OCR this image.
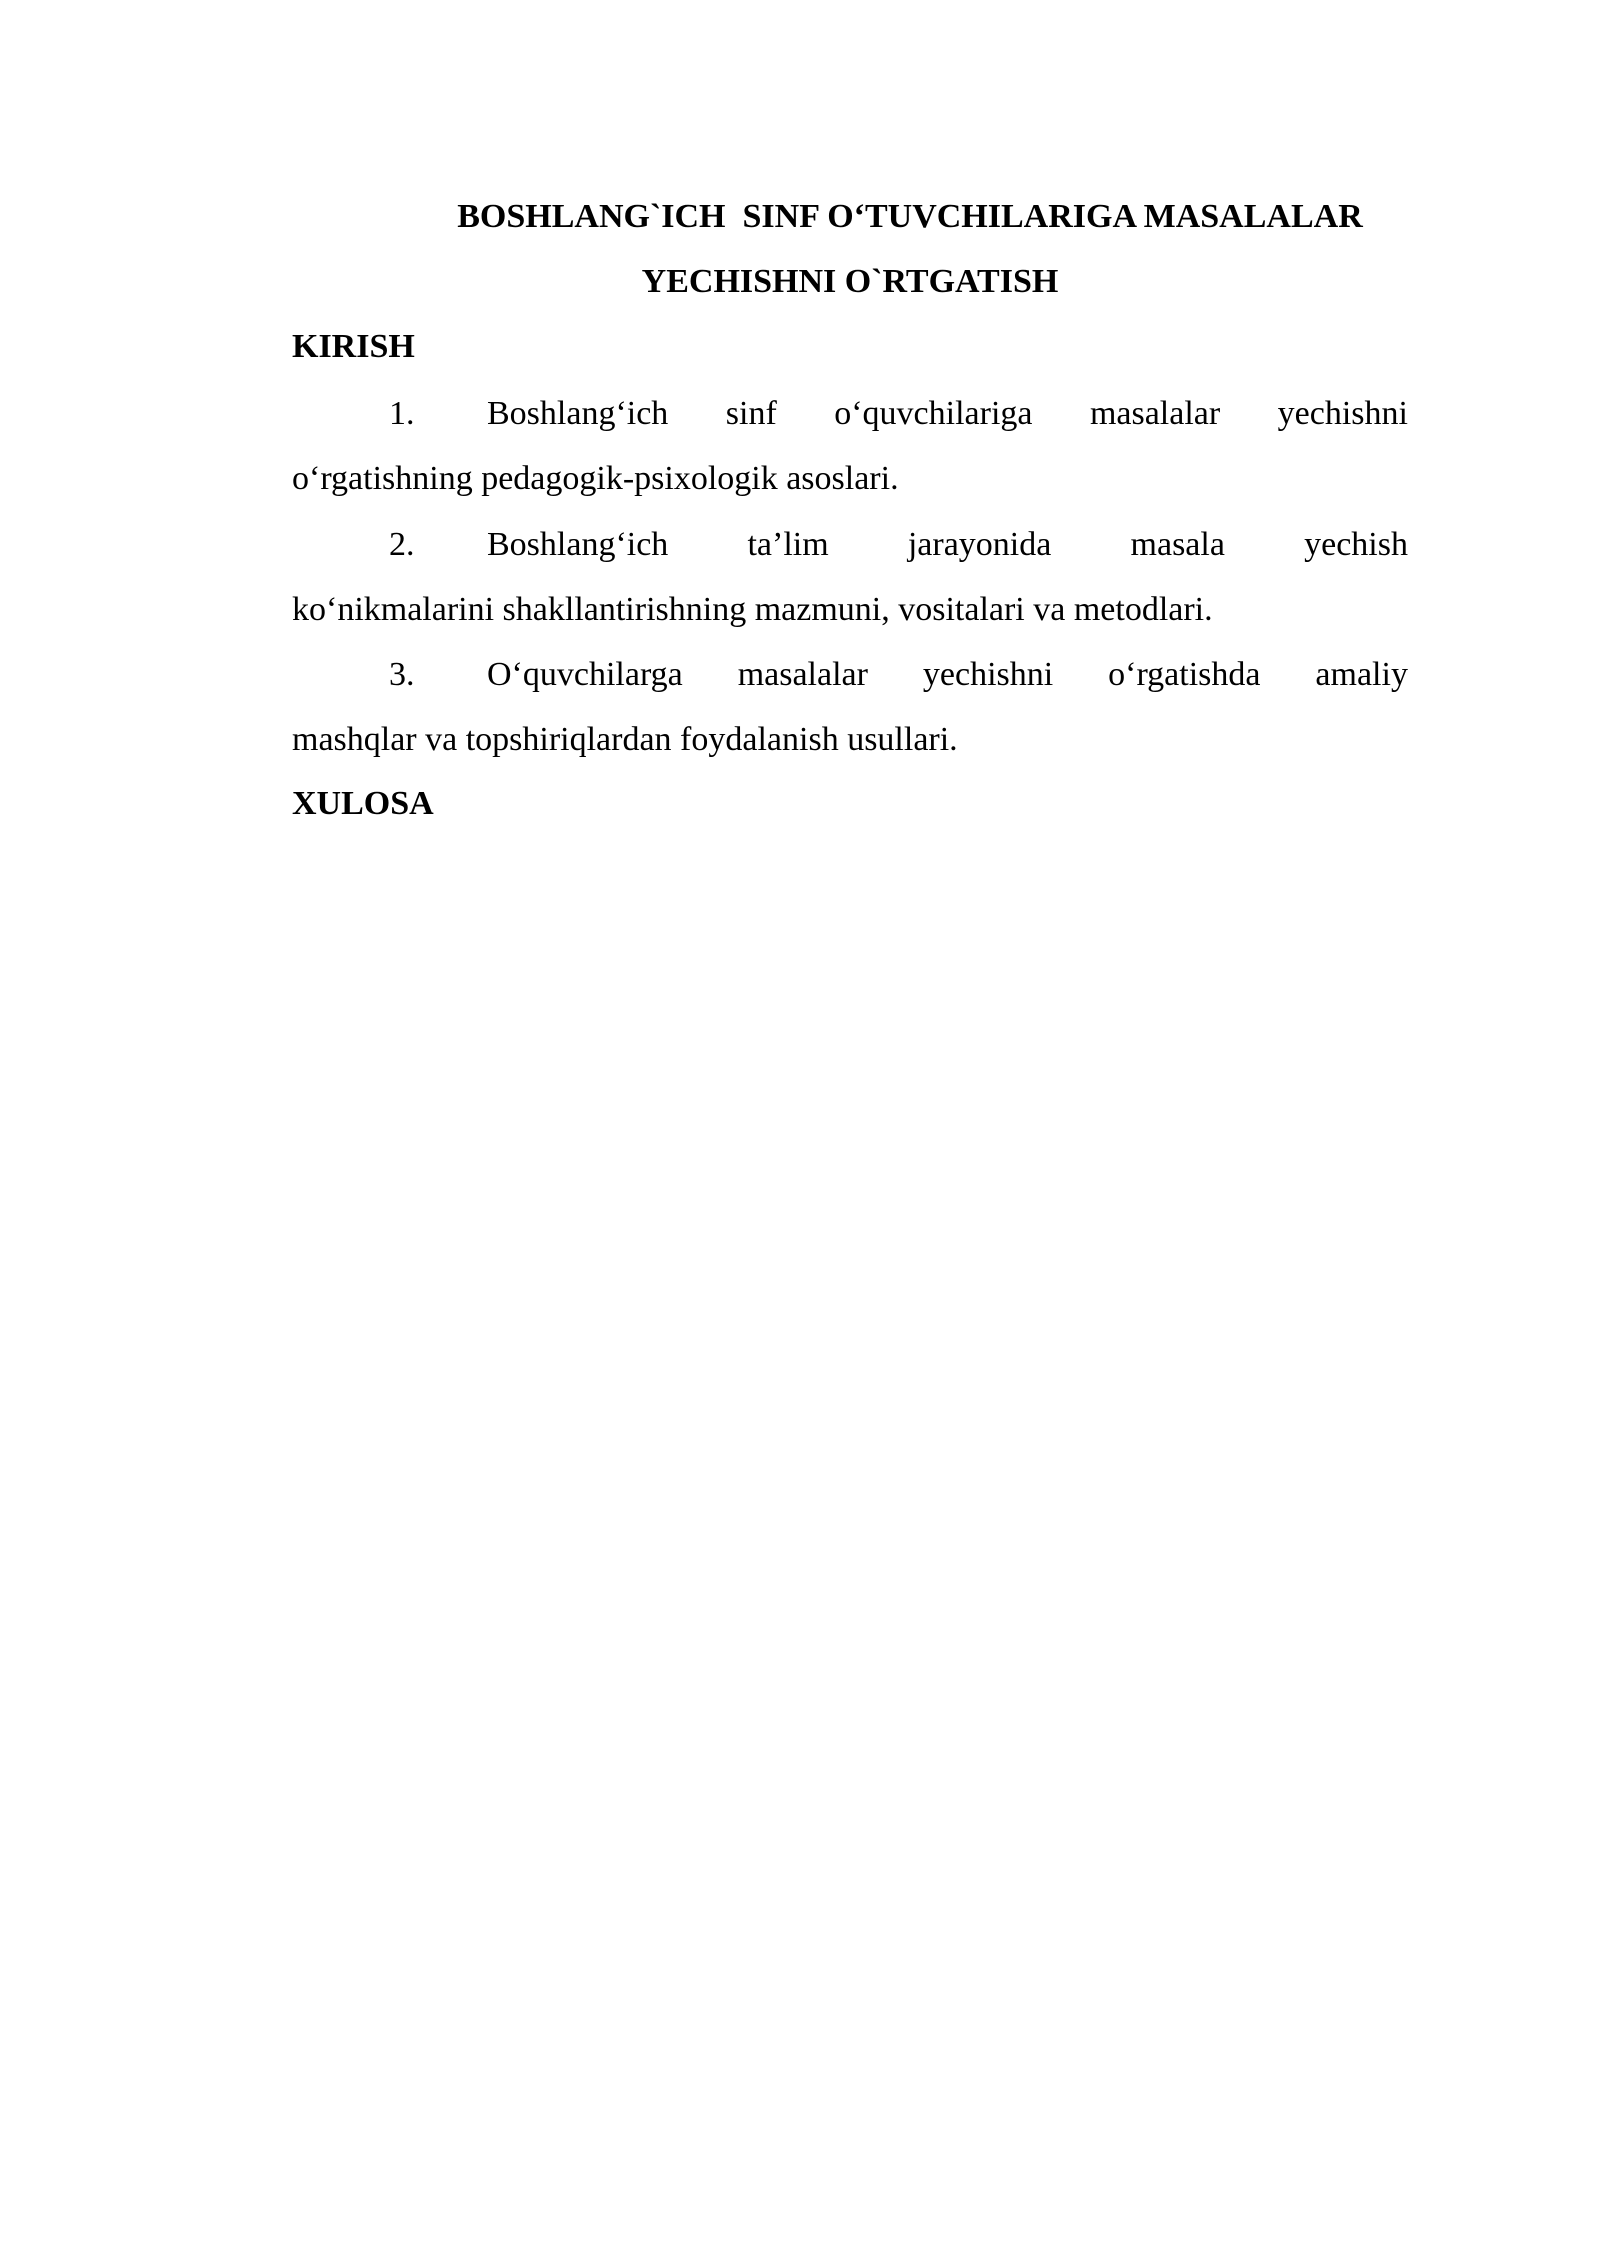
BOSHLANG`ICH  SINF O‘TUVCHILARIGA MASALALAR
YECHISHNI O`RTGATISH
KIRISH
1.	Boshlang‘ich sinf o‘quvchilariga masalalar yechishni
o‘rgatishning pedagogik-psixologik asoslari.
2.	Boshlang‘ich ta’lim jarayonida masala yechish
ko‘nikmalarini shakllantirishning mazmuni, vositalari va metodlari.
3.	O‘quvchilarga masalalar yechishni o‘rgatishda amaliy
mashqlar va topshiriqlardan foydalanish usullari.
XULOSA
